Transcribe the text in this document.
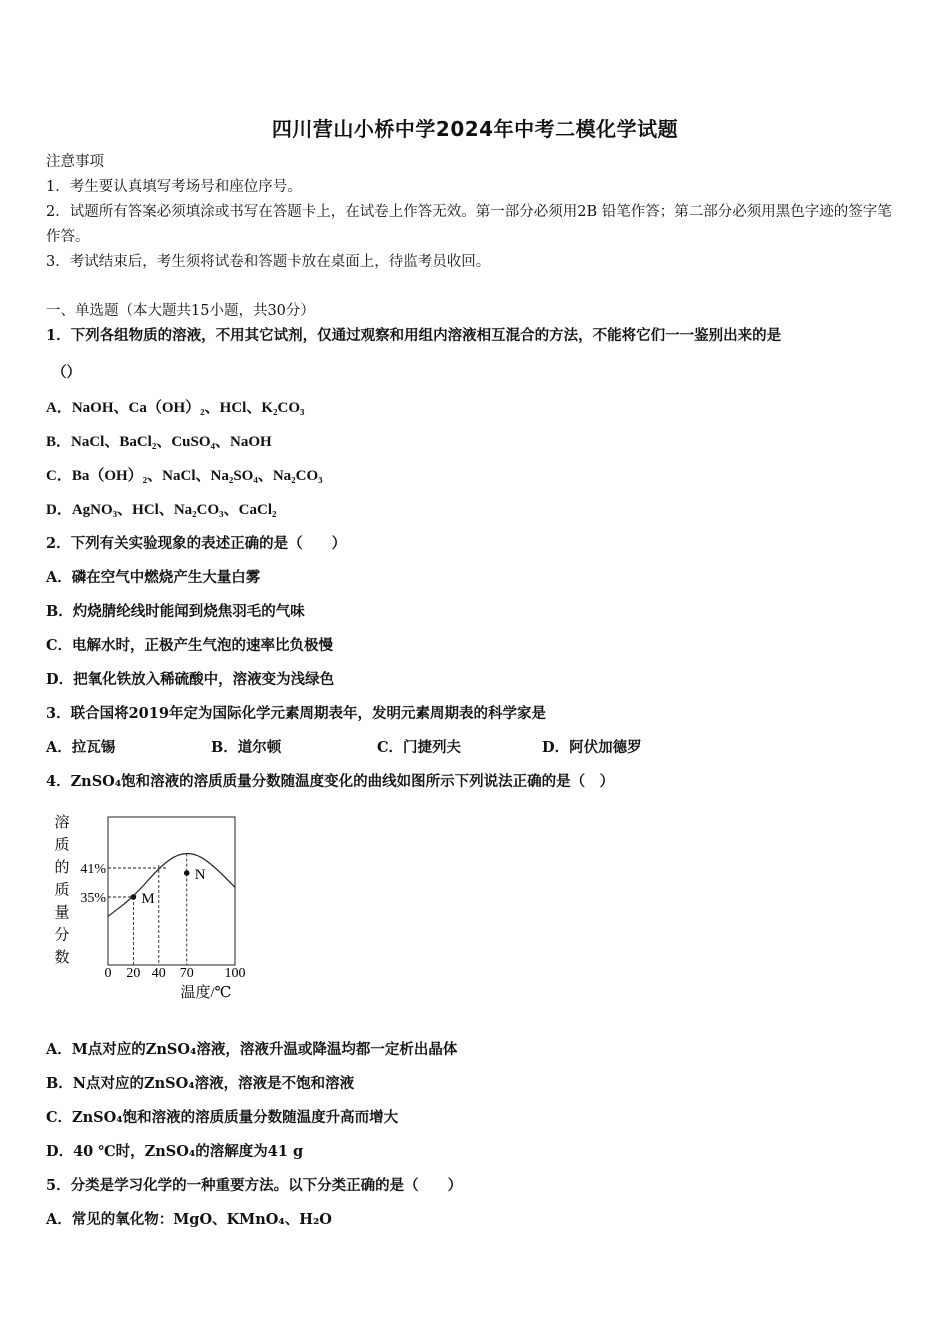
四川营山小桥中学2024年中考二模化学试题
注意事项
1．考生要认真填写考场号和座位序号。
2．试题所有答案必须填涂或书写在答题卡上，在试卷上作答无效。第一部分必须用2B 铅笔作答；第二部分必须用黑色字迹的签字笔作答。
3．考试结束后，考生须将试卷和答题卡放在桌面上，待监考员收回。
一、单选题（本大题共15小题，共30分）
1．下列各组物质的溶液，不用其它试剂，仅通过观察和用组内溶液相互混合的方法，不能将它们一一鉴别出来的是
（）
A．NaOH、Ca（OH）₂、HCl、K₂CO₃
B．NaCl、BaCl₂、CuSO₄、NaOH
C．Ba（OH）₂、NaCl、Na₂SO₄、Na₂CO₃
D．AgNO₃、HCl、Na₂CO₃、CaCl₂
2．下列有关实验现象的表述正确的是（　　）
A．磷在空气中燃烧产生大量白雾
B．灼烧腈纶线时能闻到烧焦羽毛的气味
C．电解水时，正极产生气泡的速率比负极慢
D．把氧化铁放入稀硫酸中，溶液变为浅绿色
3．联合国将2019年定为国际化学元素周期表年，发明元素周期表的科学家是
A．拉瓦锡	B．道尔顿	C．门捷列夫	D．阿伏加德罗
4．ZnSO₄饱和溶液的溶质质量分数随温度变化的曲线如图所示下列说法正确的是（　）
溶质的质量分数
41%
35%
0 20 40 70 100
M
N
温度/℃
A．M点对应的ZnSO₄溶液，溶液升温或降温均都一定析出晶体
B．N点对应的ZnSO₄溶液，溶液是不饱和溶液
C．ZnSO₄饱和溶液的溶质质量分数随温度升高而增大
D．40 ℃时，ZnSO₄的溶解度为41 g
5．分类是学习化学的一种重要方法。以下分类正确的是（　　）
A．常见的氧化物：MgO、KMnO₄、H₂O
